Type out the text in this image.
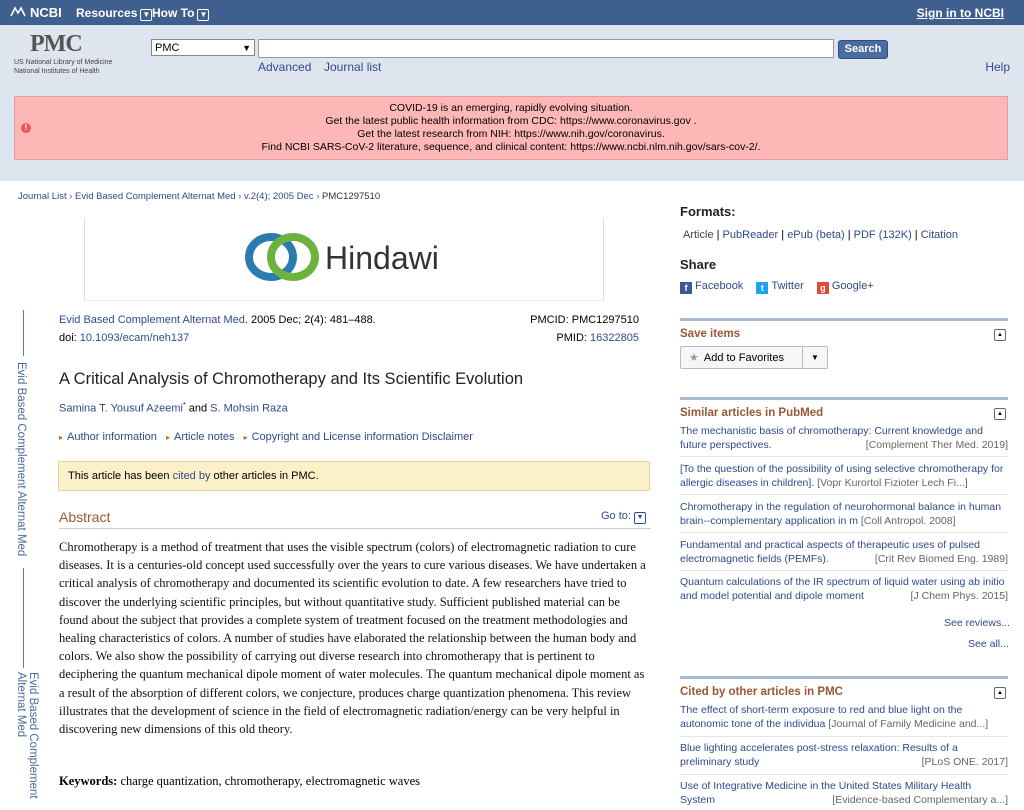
NCBI Resources ▼ How To ▼	Sign in to NCBI
PMC
US National Library of Medicine
National Institutes of Health
PMC	▼	Search
Advanced Journal list	Help
!
COVID-19 is an emerging, rapidly evolving situation.
Get the latest public health information from CDC: https://www.coronavirus.gov .
Get the latest research from NIH: https://www.nih.gov/coronavirus.
Find NCBI SARS-CoV-2 literature, sequence, and clinical content: https://www.ncbi.nlm.nih.gov/sars-cov-2/.
Journal List › Evid Based Complement Alternat Med › v.2(4); 2005 Dec › PMC1297510
Hindawi
Evid Based Complement Alternat Med
Evid Based Complement Alternat Med
Evid Based Complement Alternat Med. 2005 Dec; 2(4): 481–488.
doi: 10.1093/ecam/neh137
PMCID: PMC1297510
PMID: 16322805
A Critical Analysis of Chromotherapy and Its Scientific Evolution
Samina T. Yousuf Azeemi* and S. Mohsin Raza
▸ Author information ▸ Article notes ▸ Copyright and License information Disclaimer
This article has been cited by other articles in PMC.
Abstract	Go to: ▼
Chromotherapy is a method of treatment that uses the visible spectrum (colors) of electromagnetic radiation to cure diseases. It is a centuries-old concept used successfully over the years to cure various diseases. We have undertaken a critical analysis of chromotherapy and documented its scientific evolution to date. A few researchers have tried to discover the underlying scientific principles, but without quantitative study. Sufficient published material can be found about the subject that provides a complete system of treatment focused on the treatment methodologies and healing characteristics of colors. A number of studies have elaborated the relationship between the human body and colors. We also show the possibility of carrying out diverse research into chromotherapy that is pertinent to deciphering the quantum mechanical dipole moment of water molecules. The quantum mechanical dipole moment as a result of the absorption of different colors, we conjecture, produces charge quantization phenomena. This review illustrates that the development of science in the field of electromagnetic radiation/energy can be very helpful in discovering new dimensions of this old theory.
Keywords: charge quantization, chromotherapy, electromagnetic waves
Formats:
Article | PubReader | ePub (beta) | PDF (132K) | Citation
Share
f Facebook t Twitter g Google+
Save items	▲
★ Add to Favorites	▼
Similar articles in PubMed	▲
The mechanistic basis of chromotherapy: Current knowledge and future perspectives.	[Complement Ther Med. 2019]
[To the question of the possibility of using selective chromotherapy for allergic diseases in children]. [Vopr Kurortol Fizioter Lech Fi...]
Chromotherapy in the regulation of neurohormonal balance in human brain--complementary application in m [Coll Antropol. 2008]
Fundamental and practical aspects of therapeutic uses of pulsed electromagnetic fields (PEMFs).	[Crit Rev Biomed Eng. 1989]
Quantum calculations of the IR spectrum of liquid water using ab initio and model potential and dipole moment	[J Chem Phys. 2015]
See reviews...
See all...
Cited by other articles in PMC	▲
The effect of short-term exposure to red and blue light on the autonomic tone of the individua [Journal of Family Medicine and...]
Blue lighting accelerates post-stress relaxation: Results of a preliminary study	[PLoS ONE. 2017]
Use of Integrative Medicine in the United States Military Health System	[Evidence-based Complementary a...]
